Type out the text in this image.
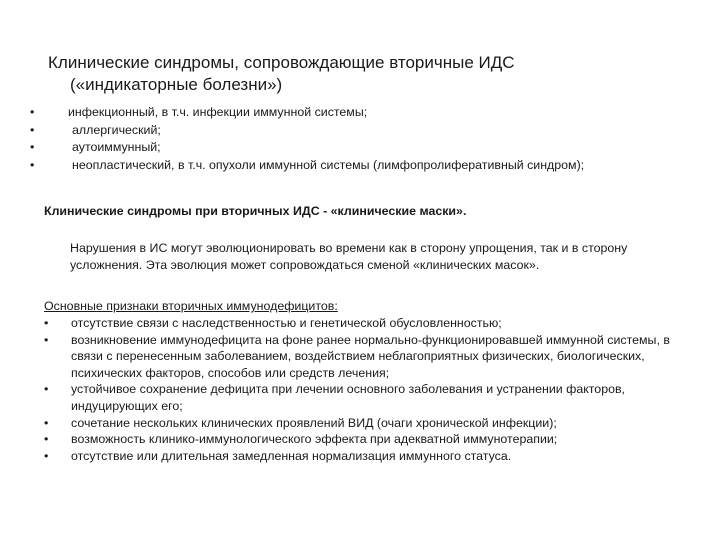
Клинические синдромы, сопровождающие вторичные ИДС
(«индикаторные болезни»)
•	инфекционный, в т.ч. инфекции иммунной системы;
•	аллергический;
•	аутоиммунный;
•	неопластический, в т.ч. опухоли иммунной системы (лимфопролиферативный синдром);
Клинические синдромы при вторичных ИДС - «клинические маски».
Нарушения в ИС могут эволюционировать во времени как в сторону упрощения, так и в сторону усложнения. Эта эволюция может сопровождаться сменой «клинических масок».
Основные признаки вторичных иммунодефицитов:
• отсутствие связи с наследственностью и генетической обусловленностью;
• возникновение иммунодефицита на фоне ранее нормально-функционировавшей иммунной системы, в связи с перенесенным заболеванием, воздействием неблагоприятных физических, биологических, психических факторов, способов или средств лечения;
• устойчивое сохранение дефицита при лечении основного заболевания и устранении факторов, индуцирующих его;
• сочетание нескольких клинических проявлений ВИД (очаги хронической инфекции);
• возможность клинико-иммунологического эффекта при адекватной иммунотерапии;
• отсутствие или длительная замедленная нормализация иммунного статуса.
